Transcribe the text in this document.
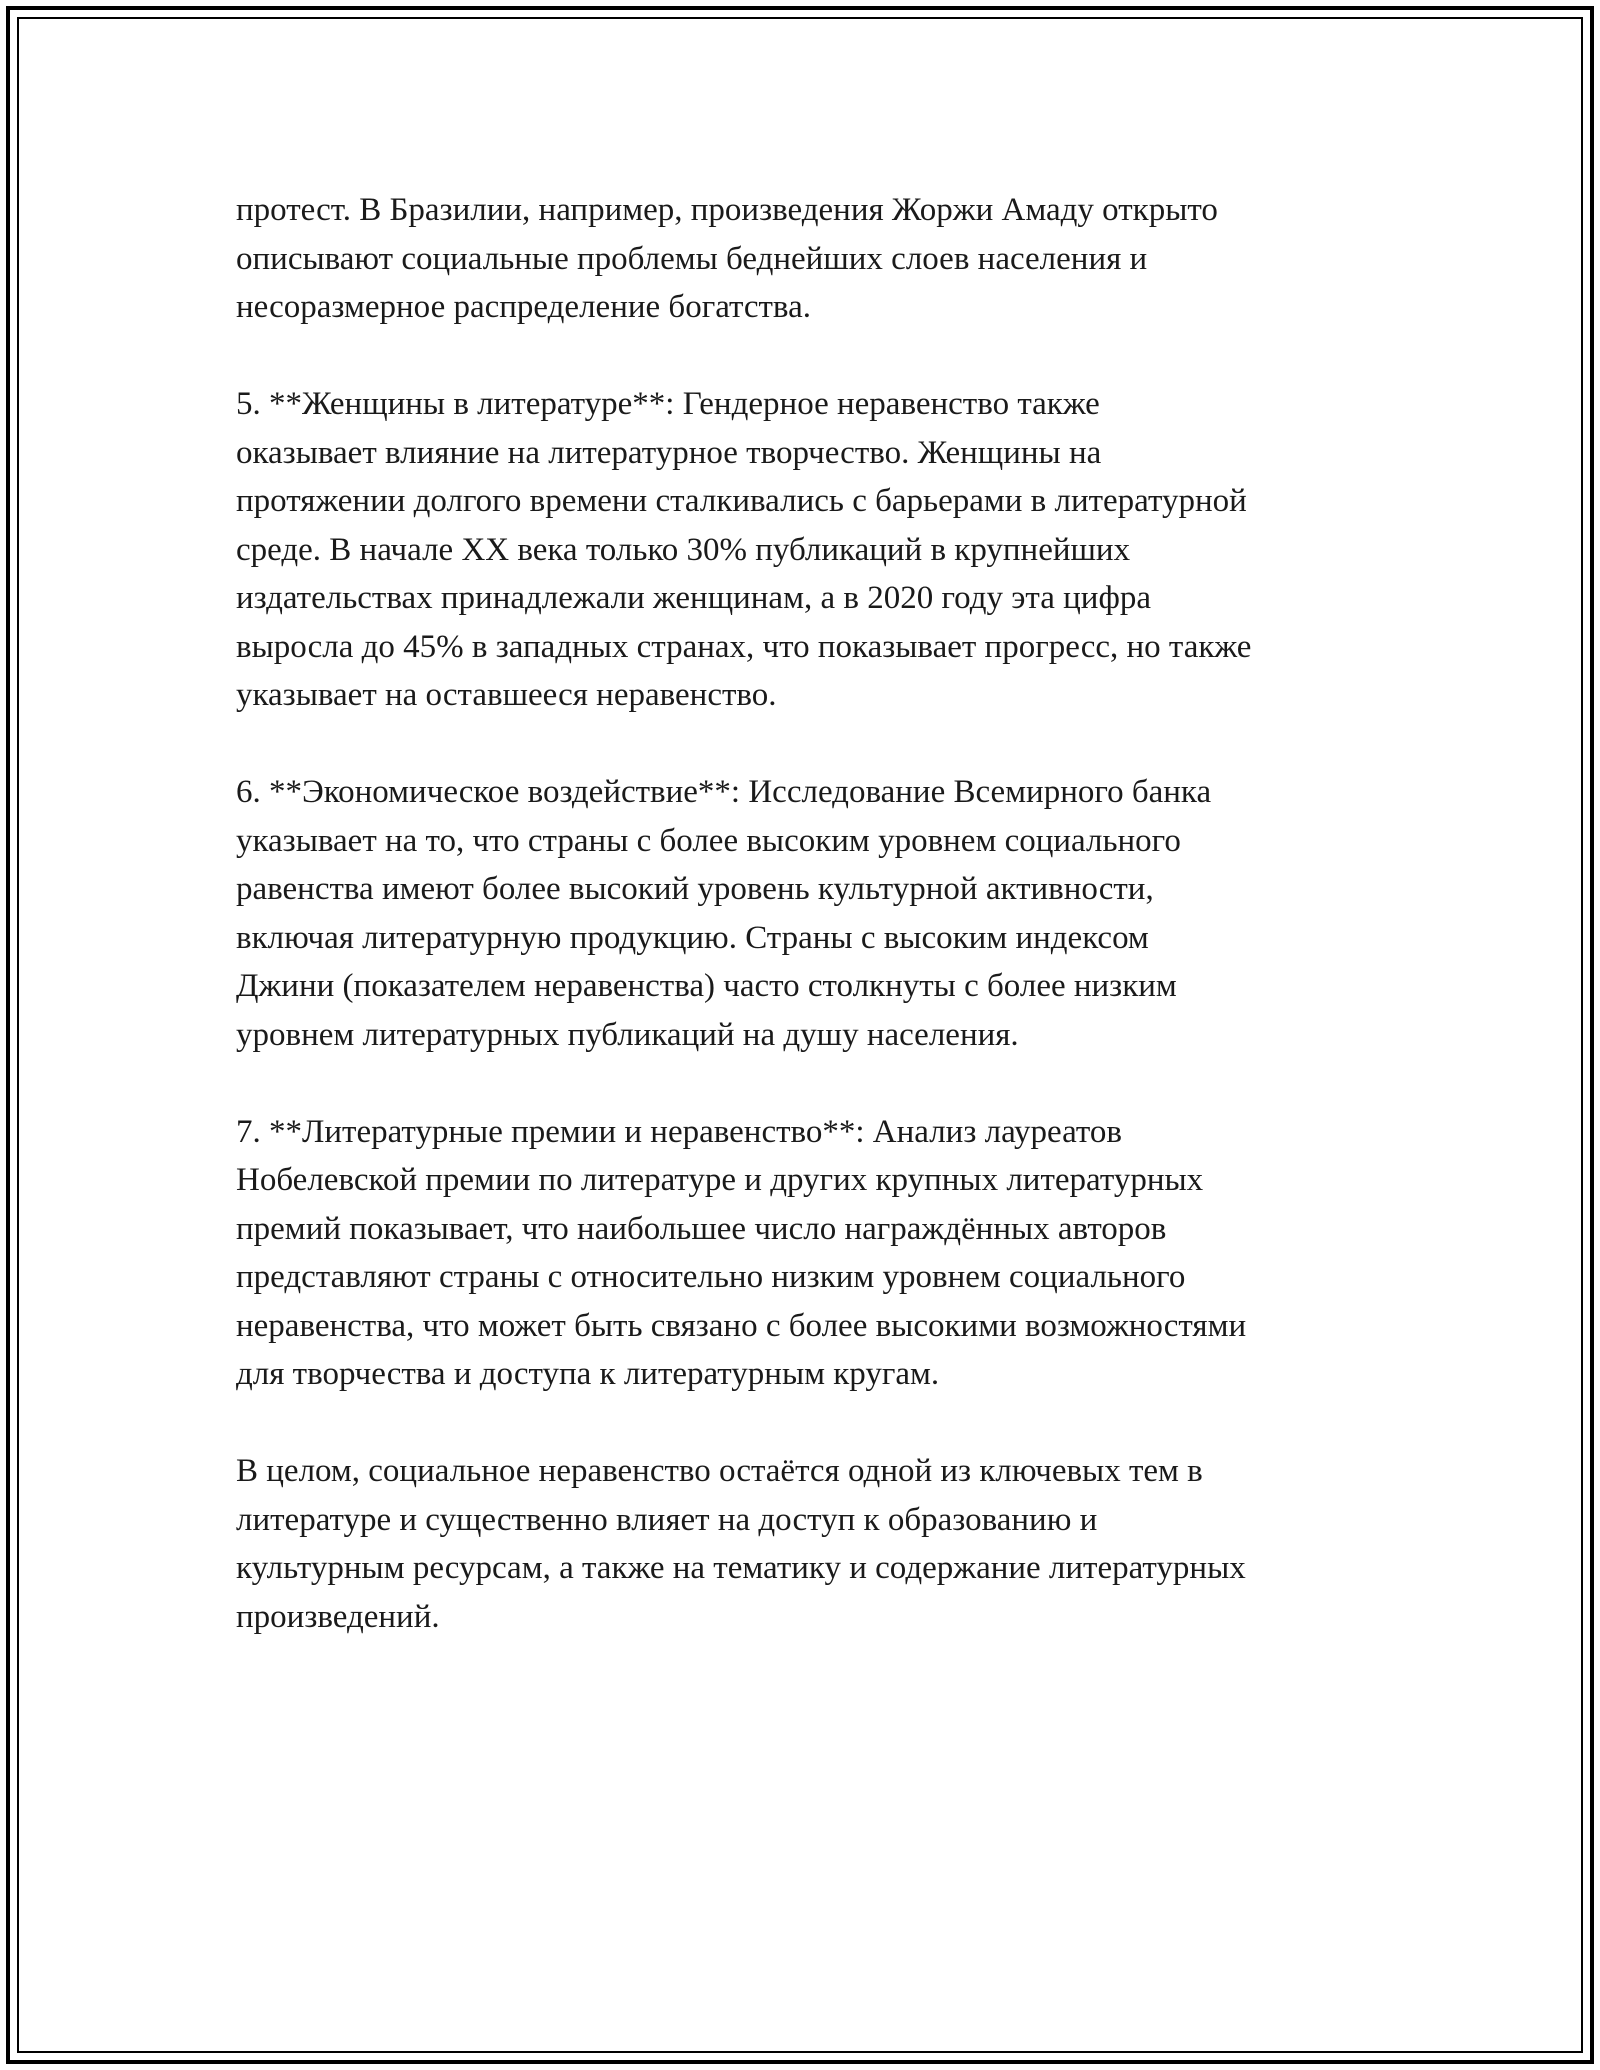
протест. В Бразилии, например, произведения Жоржи Амаду открыто
описывают социальные проблемы беднейших слоев населения и
несоразмерное распределение богатства.

5. **Женщины в литературе**: Гендерное неравенство также
оказывает влияние на литературное творчество. Женщины на
протяжении долгого времени сталкивались с барьерами в литературной
среде. В начале XX века только 30% публикаций в крупнейших
издательствах принадлежали женщинам, а в 2020 году эта цифра
выросла до 45% в западных странах, что показывает прогресс, но также
указывает на оставшееся неравенство.

6. **Экономическое воздействие**: Исследование Всемирного банка
указывает на то, что страны с более высоким уровнем социального
равенства имеют более высокий уровень культурной активности,
включая литературную продукцию. Страны с высоким индексом
Джини (показателем неравенства) часто столкнуты с более низким
уровнем литературных публикаций на душу населения.

7. **Литературные премии и неравенство**: Анализ лауреатов
Нобелевской премии по литературе и других крупных литературных
премий показывает, что наибольшее число награждённых авторов
представляют страны с относительно низким уровнем социального
неравенства, что может быть связано с более высокими возможностями
для творчества и доступа к литературным кругам.

В целом, социальное неравенство остаётся одной из ключевых тем в
литературе и существенно влияет на доступ к образованию и
культурным ресурсам, а также на тематику и содержание литературных
произведений.
